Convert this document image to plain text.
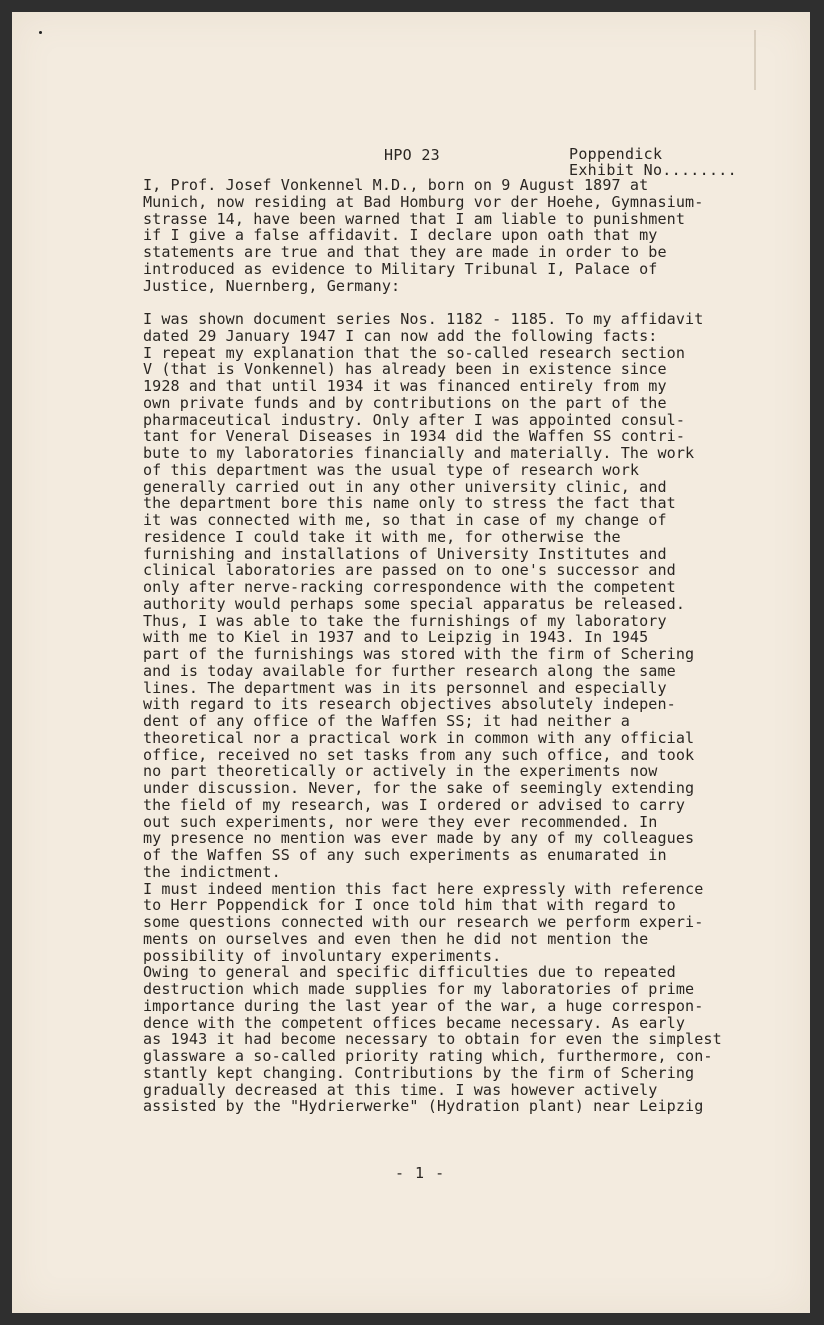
HPO 23	Poppendick
Exhibit No........
I, Prof. Josef Vonkennel M.D., born on 9 August 1897 at
Munich, now residing at Bad Homburg vor der Hoehe, Gymnasium-
strasse 14, have been warned that I am liable to punishment
if I give a false affidavit. I declare upon oath that my
statements are true and that they are made in order to be
introduced as evidence to Military Tribunal I, Palace of
Justice, Nuernberg, Germany:
I was shown document series Nos. 1182 - 1185. To my affidavit
dated 29 January 1947 I can now add the following facts:
I repeat my explanation that the so-called research section
V (that is Vonkennel) has already been in existence since
1928 and that until 1934 it was financed entirely from my
own private funds and by contributions on the part of the
pharmaceutical industry. Only after I was appointed consul-
tant for Veneral Diseases in 1934 did the Waffen SS contri-
bute to my laboratories financially and materially. The work
of this department was the usual type of research work
generally carried out in any other university clinic, and
the department bore this name only to stress the fact that
it was connected with me, so that in case of my change of
residence I could take it with me, for otherwise the
furnishing and installations of University Institutes and
clinical laboratories are passed on to one's successor and
only after nerve-racking correspondence with the competent
authority would perhaps some special apparatus be released.
Thus, I was able to take the furnishings of my laboratory
with me to Kiel in 1937 and to Leipzig in 1943. In 1945
part of the furnishings was stored with the firm of Schering
and is today available for further research along the same
lines. The department was in its personnel and especially
with regard to its research objectives absolutely indepen-
dent of any office of the Waffen SS; it had neither a
theoretical nor a practical work in common with any official
office, received no set tasks from any such office, and took
no part theoretically or actively in the experiments now
under discussion. Never, for the sake of seemingly extending
the field of my research, was I ordered or advised to carry
out such experiments, nor were they ever recommended. In
my presence no mention was ever made by any of my colleagues
of the Waffen SS of any such experiments as enumarated in
the indictment.
I must indeed mention this fact here expressly with reference
to Herr Poppendick for I once told him that with regard to
some questions connected with our research we perform experi-
ments on ourselves and even then he did not mention the
possibility of involuntary experiments.
Owing to general and specific difficulties due to repeated
destruction which made supplies for my laboratories of prime
importance during the last year of the war, a huge correspon-
dence with the competent offices became necessary. As early
as 1943 it had become necessary to obtain for even the simplest
glassware a so-called priority rating which, furthermore, con-
stantly kept changing. Contributions by the firm of Schering
gradually decreased at this time. I was however actively
assisted by the "Hydrierwerke" (Hydration plant) near Leipzig
- 1 -
